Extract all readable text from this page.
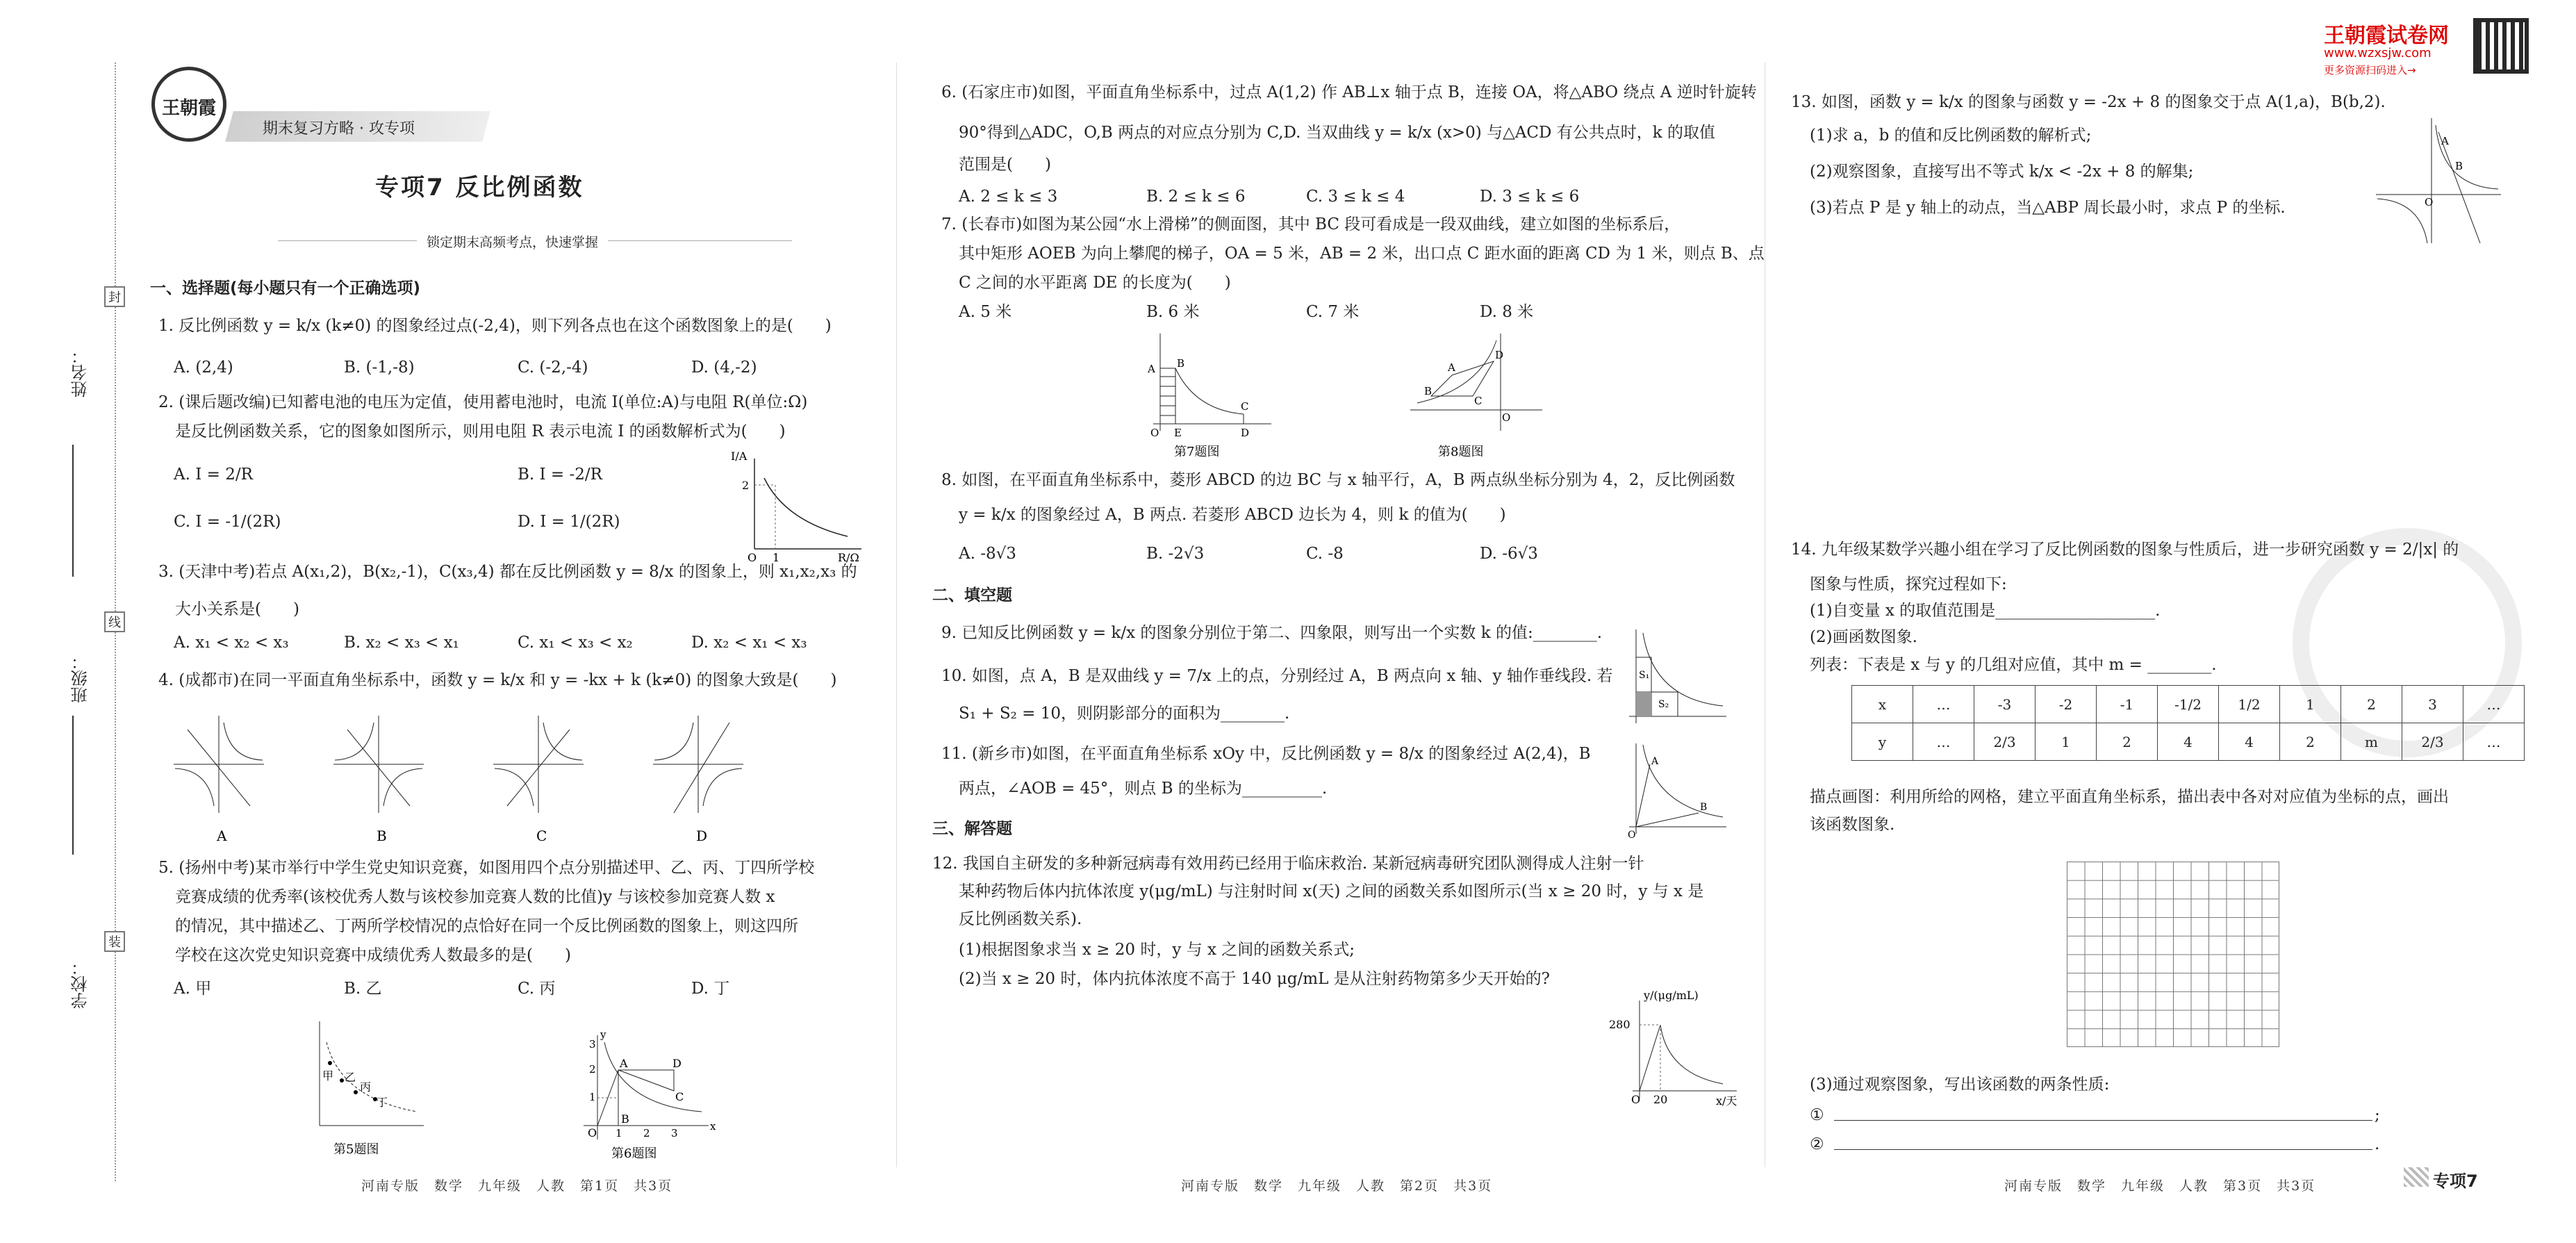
姓名：
班级：
学校：
封
线
装
王朝霞
期末复习方略 · 攻专项
专项7 反比例函数
锁定期末高频考点，快速掌握
一、选择题(每小题只有一个正确选项)
1. 反比例函数 y = k/x (k≠0) 的图象经过点(-2,4)，则下列各点也在这个函数图象上的是(　　)
A. (2,4)	B. (-1,-8)	C. (-2,-4)	D. (4,-2)
2. (课后题改编)已知蓄电池的电压为定值，使用蓄电池时，电流 I(单位:A)与电阻 R(单位:Ω)
是反比例函数关系，它的图象如图所示，则用电阻 R 表示电流 I 的函数解析式为(　　)
A. I = 2/R	B. I = -2/R
C. I = -1/(2R)	D. I = 1/(2R)
I/A
2
1
O	R/Ω
3. (天津中考)若点 A(x₁,2)，B(x₂,-1)，C(x₃,4) 都在反比例函数 y = 8/x 的图象上，则 x₁,x₂,x₃ 的
大小关系是(　　)
A. x₁ < x₂ < x₃	B. x₂ < x₃ < x₁	C. x₁ < x₃ < x₂	D. x₂ < x₁ < x₃
4. (成都市)在同一平面直角坐标系中，函数 y = k/x 和 y = -kx + k (k≠0) 的图象大致是(　　)
A	B	C	D
5. (扬州中考)某市举行中学生党史知识竞赛，如图用四个点分别描述甲、乙、丙、丁四所学校
竞赛成绩的优秀率(该校优秀人数与该校参加竞赛人数的比值)y 与该校参加竞赛人数 x
的情况，其中描述乙、丁两所学校情况的点恰好在同一个反比例函数的图象上，则这四所
学校在这次党史知识竞赛中成绩优秀人数最多的是(　　)
A. 甲	B. 乙	C. 丙	D. 丁
甲 乙
丙
丁
第5题图
A
B
C
D
O
1
2
3
1 2 3
x
y
第6题图
河南专版　数学　九年级　人教　第1页　共3页
6. (石家庄市)如图，平面直角坐标系中，过点 A(1,2) 作 AB⊥x 轴于点 B，连接 OA，将△ABO 绕点 A 逆时针旋转
90°得到△ADC，O,B 两点的对应点分别为 C,D. 当双曲线 y = k/x (x>0) 与△ACD 有公共点时，k 的取值
范围是(　　)
A. 2 ≤ k ≤ 3	B. 2 ≤ k ≤ 6	C. 3 ≤ k ≤ 4	D. 3 ≤ k ≤ 6
7. (长春市)如图为某公园“水上滑梯”的侧面图，其中 BC 段可看成是一段双曲线，建立如图的坐标系后，
其中矩形 AOEB 为向上攀爬的梯子，OA = 5 米，AB = 2 米，出口点 C 距水面的距离 CD 为 1 米，则点 B、点
C 之间的水平距离 DE 的长度为(　　)
A. 5 米	B. 6 米	C. 7 米	D. 8 米
A B
C
D
E
O
第7题图
A
B
C
D
O
第8题图
8. 如图，在平面直角坐标系中，菱形 ABCD 的边 BC 与 x 轴平行，A，B 两点纵坐标分别为 4，2，反比例函数
y = k/x 的图象经过 A，B 两点. 若菱形 ABCD 边长为 4，则 k 的值为(　　)
A. -8√3	B. -2√3	C. -8	D. -6√3
二、填空题
9. 已知反比例函数 y = k/x 的图象分别位于第二、四象限，则写出一个实数 k 的值:________.
10. 如图，点 A，B 是双曲线 y = 7/x 上的点，分别经过 A，B 两点向 x 轴、y 轴作垂线段. 若
S₁ + S₂ = 10，则阴影部分的面积为________.
S₁
S₂
11. (新乡市)如图，在平面直角坐标系 xOy 中，反比例函数 y = 8/x 的图象经过 A(2,4)，B
两点，∠AOB = 45°，则点 B 的坐标为__________.
A
B
O
三、解答题
12. 我国自主研发的多种新冠病毒有效用药已经用于临床救治. 某新冠病毒研究团队测得成人注射一针
某种药物后体内抗体浓度 y(μg/mL) 与注射时间 x(天) 之间的函数关系如图所示(当 x ≥ 20 时，y 与 x 是
反比例函数关系).
(1)根据图象求当 x ≥ 20 时，y 与 x 之间的函数关系式;
(2)当 x ≥ 20 时，体内抗体浓度不高于 140 μg/mL 是从注射药物第多少天开始的?
y/(μg/mL)
280
20
O	x/天
河南专版　数学　九年级　人教　第2页　共3页
王朝霞试卷网
www.wzxsjw.com
更多资源扫码进入→
13. 如图，函数 y = k/x 的图象与函数 y = -2x + 8 的图象交于点 A(1,a)，B(b,2).
(1)求 a，b 的值和反比例函数的解析式;
(2)观察图象，直接写出不等式 k/x < -2x + 8 的解集;
(3)若点 P 是 y 轴上的动点，当△ABP 周长最小时，求点 P 的坐标.
A
B
O
14. 九年级某数学兴趣小组在学习了反比例函数的图象与性质后，进一步研究函数 y = 2/|x| 的
图象与性质，探究过程如下:
(1)自变量 x 的取值范围是____________________.
(2)画函数图象.
列表：下表是 x 与 y 的几组对应值，其中 m = ________.
x	…	-3	-2	-1	-1/2	1/2	1	2	3	…
y	…	2/3	1	2	4	4	2	m	2/3	…
描点画图：利用所给的网格，建立平面直角坐标系，描出表中各对对应值为坐标的点，画出
该函数图象.
(3)通过观察图象，写出该函数的两条性质:
①	;
②	.
河南专版　数学　九年级　人教　第3页　共3页	专项7
